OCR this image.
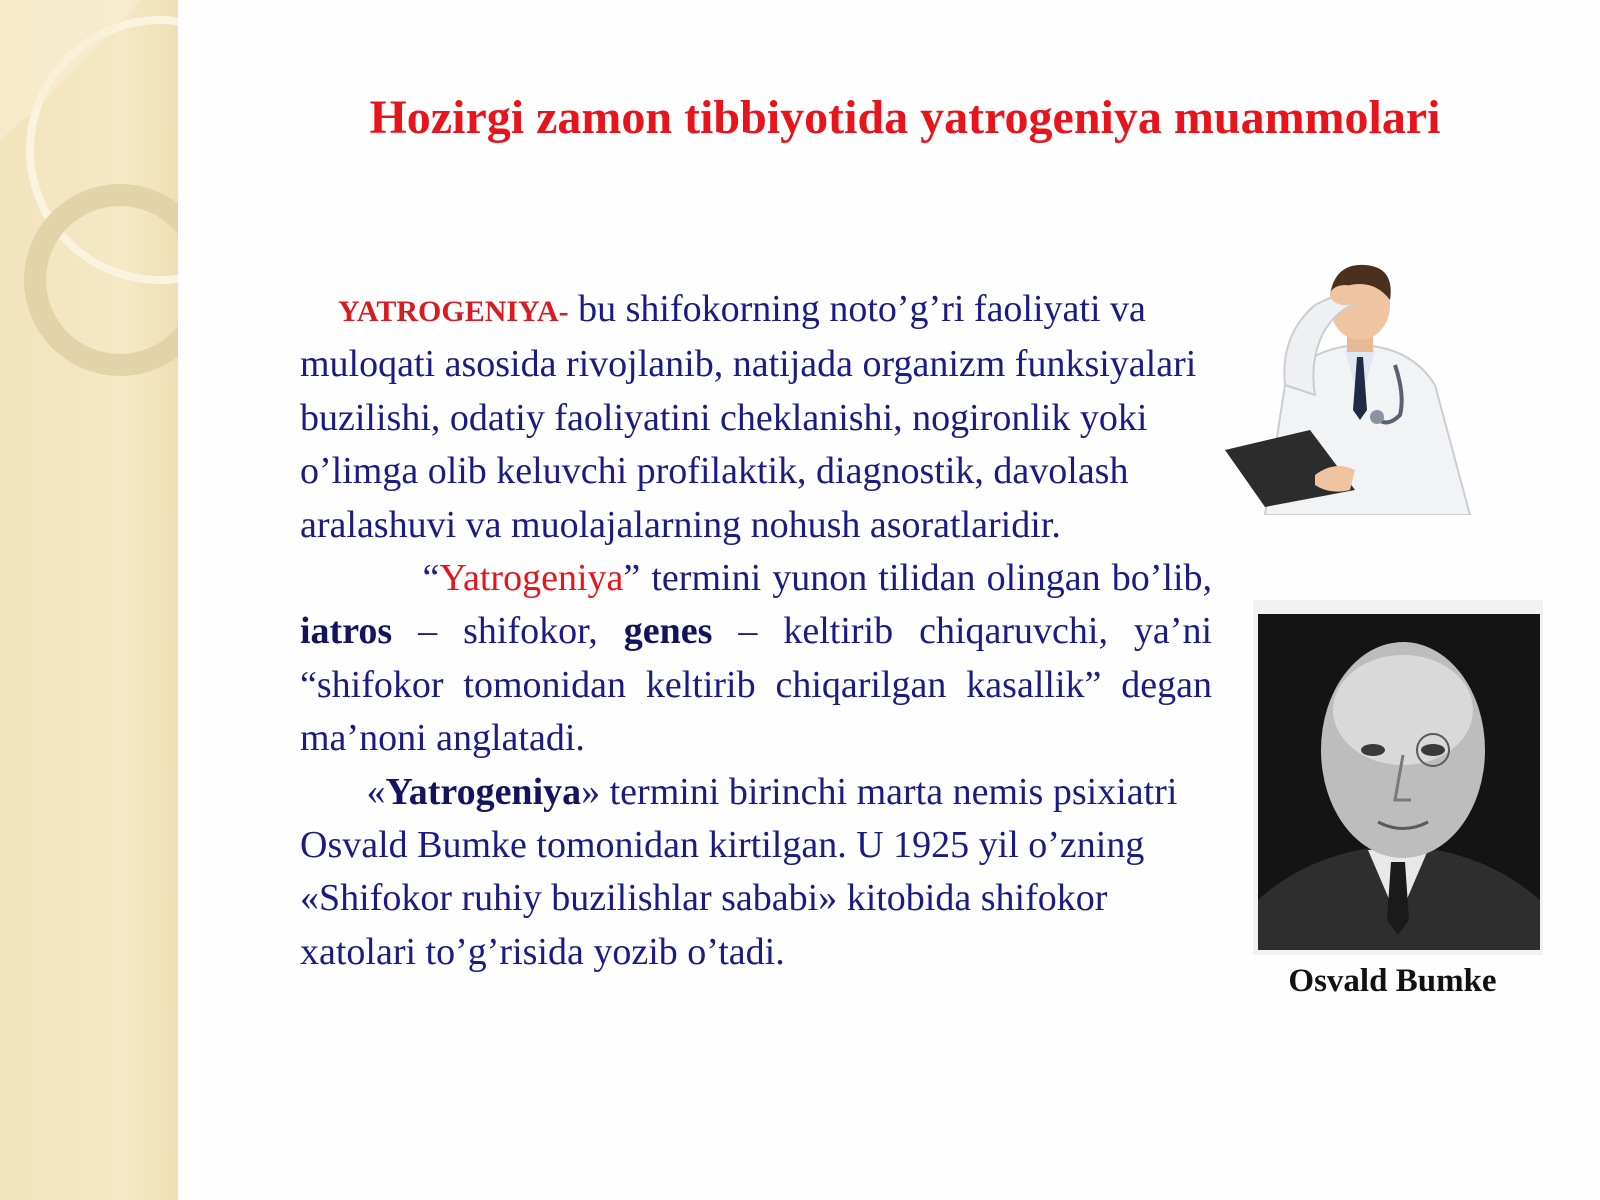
Hozirgi zamon tibbiyotida yatrogeniya muammolari

YATROGENIYA- bu shifokorning noto’g’ri faoliyati va muloqati asosida rivojlanib, natijada organizm funksiyalari buzilishi, odatiy faoliyatini cheklanishi, nogironlik yoki o’limga olib keluvchi profilaktik, diagnostik, davolash aralashuvi va muolajalarning nohush asoratlaridir.

“Yatrogeniya” termini yunon tilidan olingan bo’lib, iatros – shifokor, genes – keltirib chiqaruvchi, ya’ni “shifokor tomonidan keltirib chiqarilgan kasallik” degan ma’noni anglatadi.

«Yatrogeniya» termini birinchi marta nemis psixiatri Osvald Bumke tomonidan kirtilgan. U 1925 yil o’zning «Shifokor ruhiy buzilishlar sababi» kitobida shifokor xatolari to’g’risida yozib o’tadi.

Osvald Bumke
